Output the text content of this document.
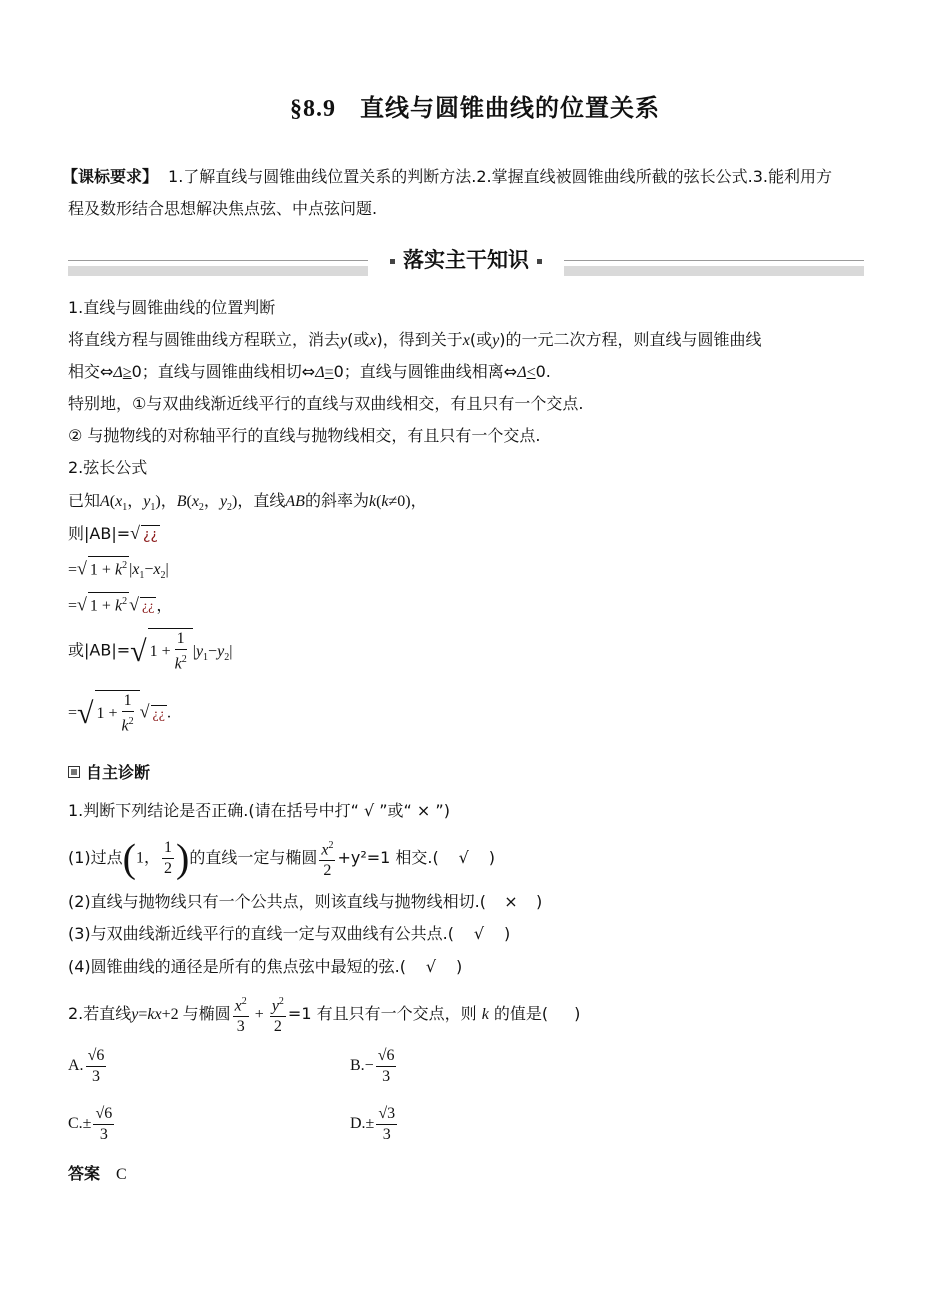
§8.9 直线与圆锥曲线的位置关系
【课标要求】 1.了解直线与圆锥曲线位置关系的判断方法.2.掌握直线被圆锥曲线所截的弦长公式.3.能利用方
程及数形结合思想解决焦点弦、中点弦问题.
落实主干知识
1.直线与圆锥曲线的位置判断
将直线方程与圆锥曲线方程联立，消去y(或x)，得到关于x(或y)的一元二次方程，则直线与圆锥曲线
相交⇔Δ≥0；直线与圆锥曲线相切⇔Δ=0；直线与圆锥曲线相离⇔Δ<0.
特别地，①与双曲线渐近线平行的直线与双曲线相交，有且只有一个交点.
② 与抛物线的对称轴平行的直线与抛物线相交，有且只有一个交点.
2.弦长公式
已知$A(x_1$，$y_1$)，$B(x_2$，$y_2$)，直线AB的斜率为k(k≠0)，
则|AB|=√ ¿¿
=√ $1 + k^2$ $|x_1-x_2|$
=√ $1 + k^2$ √ ¿¿ ，
或|AB|=√ $1 + \frac{1}{k^2} |y_1-y_2|$
=√ $1 + \frac{1}{k^2}$ √ ¿¿ .
自主诊断
1.判断下列结论是否正确.(请在括号中打“ √ ”或“ × ”)
(1)过点(1， $\frac{1}{2}$ )的直线一定与椭圆 $\frac{x^2}{2} +y^2=1$ 相交.( √ )
(2)直线与抛物线只有一个公共点，则该直线与抛物线相切.( × )
(3)与双曲线渐近线平行的直线一定与双曲线有公共点.( √ )
(4)圆锥曲线的通径是所有的焦点弦中最短的弦.( √ )
2.若直线y=kx+2 与椭圆 $\frac{x^2}{3} + \frac{y^2}{2} =1$ 有且只有一个交点，则 k 的值是( )
A. $\frac{√6}{3}$	$B.- \frac{√6}{3}$
$C.\pm \frac{√6}{3}$	$D.\pm \frac{√3}{3}$
答案 C
